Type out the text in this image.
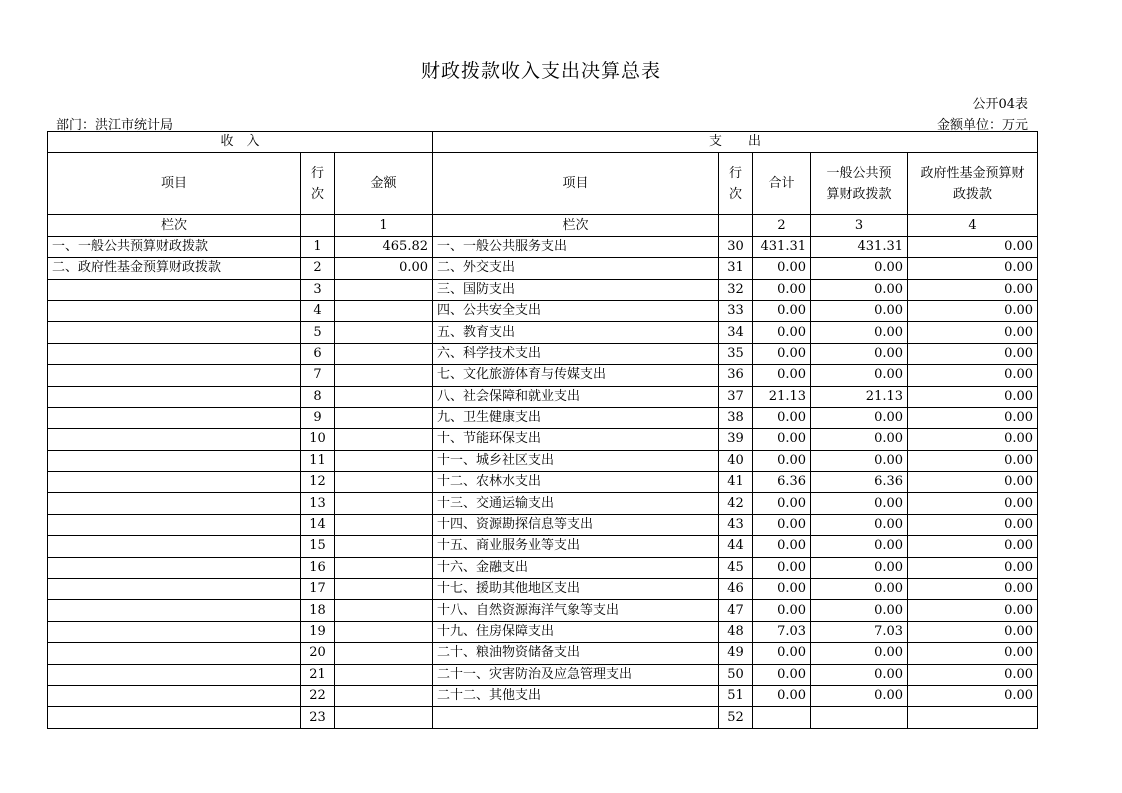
财政拨款收入支出决算总表
公开04表
部门：洪江市统计局	金额单位：万元
收　入			支　　出				
项目	行次	金额	项目	行次	合计	一般公共预算财政拨款	政府性基金预算财政拨款
栏次		1	栏次		2	3	4
一、一般公共预算财政拨款	1	465.82	一、一般公共服务支出	30	431.31	431.31	0.00
二、政府性基金预算财政拨款	2	0.00	二、外交支出	31	0.00	0.00	0.00
	3		三、国防支出	32	0.00	0.00	0.00
	4		四、公共安全支出	33	0.00	0.00	0.00
	5		五、教育支出	34	0.00	0.00	0.00
	6		六、科学技术支出	35	0.00	0.00	0.00
	7		七、文化旅游体育与传媒支出	36	0.00	0.00	0.00
	8		八、社会保障和就业支出	37	21.13	21.13	0.00
	9		九、卫生健康支出	38	0.00	0.00	0.00
	10		十、节能环保支出	39	0.00	0.00	0.00
	11		十一、城乡社区支出	40	0.00	0.00	0.00
	12		十二、农林水支出	41	6.36	6.36	0.00
	13		十三、交通运输支出	42	0.00	0.00	0.00
	14		十四、资源勘探信息等支出	43	0.00	0.00	0.00
	15		十五、商业服务业等支出	44	0.00	0.00	0.00
	16		十六、金融支出	45	0.00	0.00	0.00
	17		十七、援助其他地区支出	46	0.00	0.00	0.00
	18		十八、自然资源海洋气象等支出	47	0.00	0.00	0.00
	19		十九、住房保障支出	48	7.03	7.03	0.00
	20		二十、粮油物资储备支出	49	0.00	0.00	0.00
	21		二十一、灾害防治及应急管理支出	50	0.00	0.00	0.00
	22		二十二、其他支出	51	0.00	0.00	0.00
	23			52			
